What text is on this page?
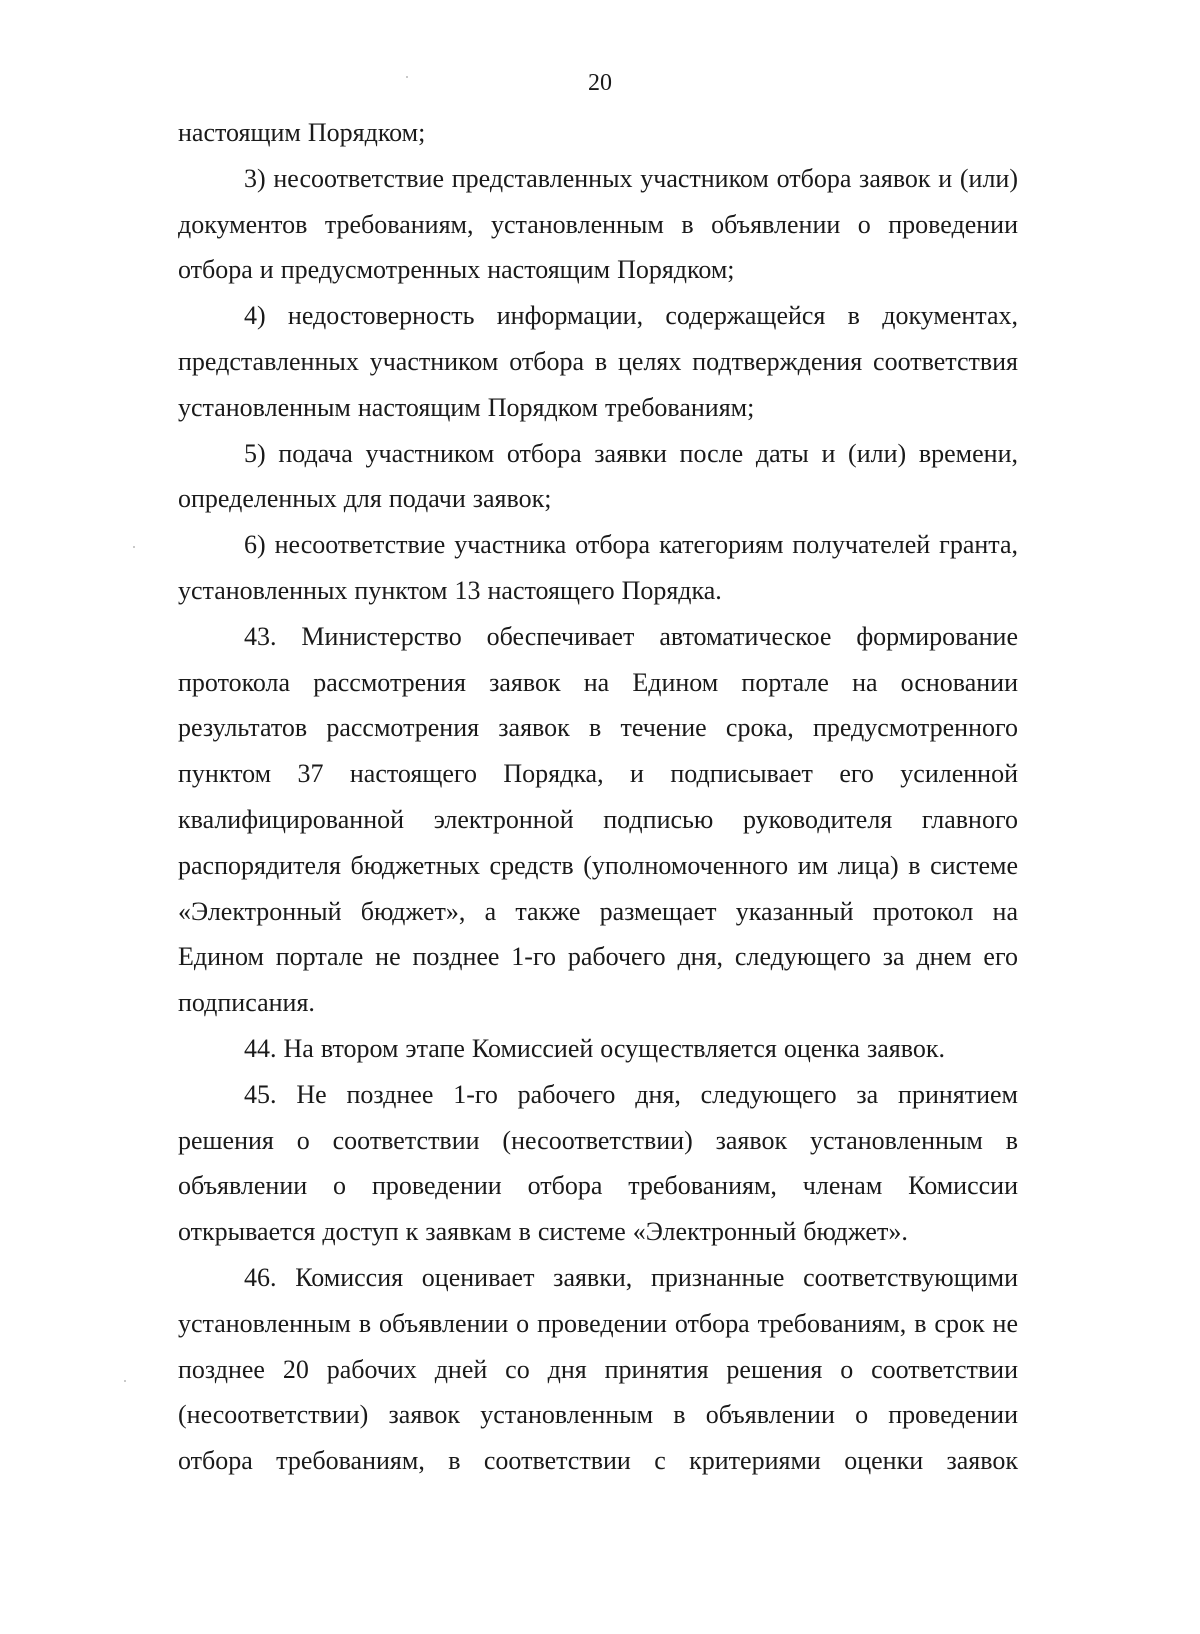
20

настоящим Порядком;

3) несоответствие представленных участником отбора заявок и (или) документов требованиям, установленным в объявлении о проведении отбора и предусмотренных настоящим Порядком;

4) недостоверность информации, содержащейся в документах, представленных участником отбора в целях подтверждения соответствия установленным настоящим Порядком требованиям;

5) подача участником отбора заявки после даты и (или) времени, определенных для подачи заявок;

6) несоответствие участника отбора категориям получателей гранта, установленных пунктом 13 настоящего Порядка.

43. Министерство обеспечивает автоматическое формирование протокола рассмотрения заявок на Едином портале на основании результатов рассмотрения заявок в течение срока, предусмотренного пунктом 37 настоящего Порядка, и подписывает его усиленной квалифицированной электронной подписью руководителя главного распорядителя бюджетных средств (уполномоченного им лица) в системе «Электронный бюджет», а также размещает указанный протокол на Едином портале не позднее 1-го рабочего дня, следующего за днем его подписания.

44. На втором этапе Комиссией осуществляется оценка заявок.

45. Не позднее 1-го рабочего дня, следующего за принятием решения о соответствии (несоответствии) заявок установленным в объявлении о проведении отбора требованиям, членам Комиссии открывается доступ к заявкам в системе «Электронный бюджет».

46. Комиссия оценивает заявки, признанные соответствующими установленным в объявлении о проведении отбора требованиям, в срок не позднее 20 рабочих дней со дня принятия решения о соответствии (несоответствии) заявок установленным в объявлении о проведении отбора требованиям, в соответствии с критериями оценки заявок
